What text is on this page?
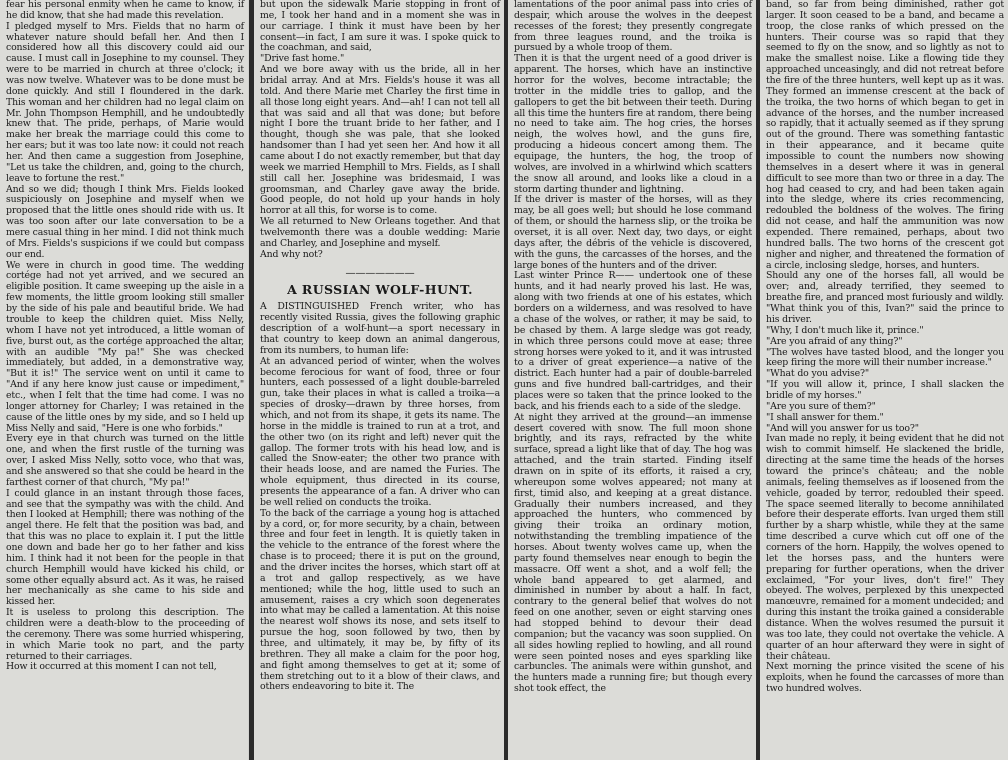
fear his personal enmity when he came to know, if he did know, that she had made this revelation.

I pledged myself to Mrs. Fields that no harm of whatever nature should befall her. And then I considered how all this discovery could aid our cause. I must call in Josephine to my counsel. They were to be married in church at three o'clock; it was now twelve. Whatever was to be done must be done quickly. And still I floundered in the dark. This woman and her children had no legal claim on Mr. John Thompson Hemphill, and he undoubtedly knew that. The pride, perhaps, of Marie would make her break the marriage could this come to her ears; but it was too late now: it could not reach her. And then came a suggestion from Josephine, "Let us take the children, and, going to the church, leave to fortune the rest."

And so we did; though I think Mrs. Fields looked suspiciously on Josephine and myself when we proposed that the little ones should ride with us. It was too soon after our late conversation to be a mere casual thing in her mind. I did not think much of Mrs. Fields's suspicions if we could but compass our end.

We were in church in good time. The wedding cortége had not yet arrived, and we secured an eligible position. It came sweeping up the aisle in a few moments, the little groom looking still smaller by the side of his pale and beautiful bride. We had trouble to keep the children quiet. Miss Nelly, whom I have not yet introduced, a little woman of five, burst out, as the cortége approached the altar, with an audible "My pa!" She was checked immediately, but added, in a demonstrative way, "But it is!" The service went on until it came to "And if any here know just cause or impediment," etc., when I felt that the time had come. I was no longer attorney for Charley; I was retained in the cause of the little ones by my side, and so I held up Miss Nelly and said, "Here is one who forbids."

Every eye in that church was turned on the little one, and when the first rustle of the turning was over, I asked Miss Nelly, sotto voce, who that was, and she answered so that she could be heard in the farthest corner of that church, "My pa!"

I could glance in an instant through those faces, and see that the sympathy was with the child. And then I looked at Hemphill; there was nothing of the angel there. He felt that the position was bad, and that this was no place to explain it. I put the little one down and bade her go to her father and kiss him. I think had it not been for the people in that church Hemphill would have kicked his child, or some other equally absurd act. As it was, he raised her mechanically as she came to his side and kissed her.

It is useless to prolong this description. The children were a death-blow to the proceeding of the ceremony. There was some hurried whispering, in which Marie took no part, and the party returned to their carriages.

How it occurred at this moment I can not tell,

but upon the sidewalk Marie stopping in front of me, I took her hand and in a moment she was in our carriage. I think it must have been by her consent—in fact, I am sure it was. I spoke quick to the coachman, and said,

"Drive fast home."

And we bore away with us the bride, all in her bridal array. And at Mrs. Fields's house it was all told. And there Marie met Charley the first time in all those long eight years. And—ah! I can not tell all that was said and all that was done; but before night I bore the truant bride to her father, and I thought, though she was pale, that she looked handsomer than I had yet seen her. And how it all came about I do not exactly remember, but that day week we married Hemphill to Mrs. Fields, as I shall still call her. Josephine was bridesmaid, I was groomsman, and Charley gave away the bride. Good people, do not hold up your hands in holy horror at all this, for worse is to come.

We all returned to New Orleans together. And that twelvemonth there was a double wedding: Marie and Charley, and Josephine and myself.

And why not?

———————
A RUSSIAN WOLF-HUNT.

A DISTINGUISHED French writer, who has recently visited Russia, gives the following graphic description of a wolf-hunt—a sport necessary in that country to keep down an animal dangerous, from its numbers, to human life:

At an advanced period of winter, when the wolves become ferocious for want of food, three or four hunters, each possessed of a light double-barreled gun, take their places in what is called a troika—a species of drosky—drawn by three horses, from which, and not from its shape, it gets its name. The horse in the middle is trained to run at a trot, and the other two (on its right and left) never quit the gallop. The former trots with his head low, and is called the Snow-eater; the other two prance with their heads loose, and are named the Furies. The whole equipment, thus directed in its course, presents the appearance of a fan. A driver who can be well relied on conducts the troika.

To the back of the carriage a young hog is attached by a cord, or, for more security, by a chain, between three and four feet in length. It is quietly taken in the vehicle to the entrance of the forest where the chase is to proceed; there it is put on the ground, and the driver incites the horses, which start off at a trot and gallop respectively, as we have mentioned; while the hog, little used to such an amusement, raises a cry which soon degenerates into what may be called a lamentation. At this noise the nearest wolf shows its nose, and sets itself to pursue the hog, soon followed by two, then by three, and ultimately, it may be, by fifty of its brethren. They all make a claim for the poor hog, and fight among themselves to get at it; some of them stretching out to it a blow of their claws, and others endeavoring to bite it. The

lamentations of the poor animal pass into cries of despair, which arouse the wolves in the deepest recesses of the forest; they presently congregate from three leagues round, and the troika is pursued by a whole troop of them.

Then it is that the urgent need of a good driver is apparent. The horses, which have an instinctive horror for the wolves, become intractable; the trotter in the middle tries to gallop, and the gallopers to get the bit between their teeth. During all this time the hunters fire at random, there being no need to take aim. The hog cries, the horses neigh, the wolves howl, and the guns fire, producing a hideous concert among them. The equipage, the hunters, the hog, the troop of wolves, are involved in a whirlwind which scatters the snow all around, and looks like a cloud in a storm darting thunder and lightning.

If the driver is master of the horses, will as they may, be all goes well; but should he lose command of them, or should the harness slip, or the troika be overset, it is all over. Next day, two days, or eight days after, the débris of the vehicle is discovered, with the guns, the carcasses of the horses, and the large bones of the hunters and of the driver.

Last winter Prince R—— undertook one of these hunts, and it had nearly proved his last. He was, along with two friends at one of his estates, which borders on a wilderness, and was resolved to have a chase of the wolves, or rather, it may be said, to be chased by them. A large sledge was got ready, in which three persons could move at ease; three strong horses were yoked to it, and it was intrusted to a driver of great experience—a native of the district. Each hunter had a pair of double-barreled guns and five hundred ball-cartridges, and their places were so taken that the prince looked to the back, and his friends each to a side of the sledge.

At night they arrived at the ground—an immense desert covered with snow. The full moon shone brightly, and its rays, refracted by the white surface, spread a light like that of day. The hog was attached, and the train started. Finding itself drawn on in spite of its efforts, it raised a cry, whereupon some wolves appeared; not many at first, timid also, and keeping at a great distance. Gradually their numbers increased, and they approached the hunters, who commenced by giving their troika an ordinary motion, notwithstanding the trembling impatience of the horses. About twenty wolves came up, when the party found themselves near enough to begin the massacre. Off went a shot, and a wolf fell; the whole band appeared to get alarmed, and diminished in number by about a half. In fact, contrary to the general belief that wolves do not feed on one another, seven or eight starving ones had stopped behind to devour their dead companion; but the vacancy was soon supplied. On all sides howling replied to howling, and all round were seen pointed noses and eyes sparkling like carbuncles. The animals were within gunshot, and the hunters made a running fire; but though every shot took effect, the

band, so far from being diminished, rather got larger. It soon ceased to be a band, and became a troop, the close ranks of which pressed on the hunters. Their course was so rapid that they seemed to fly on the snow, and so lightly as not to make the smallest noise. Like a flowing tide they approached unceasingly, and did not retreat before the fire of the three hunters, well kept up as it was. They formed an immense crescent at the back of the troika, the two horns of which began to get in advance of the horses, and the number increased so rapidly, that it actually seemed as if they sprung out of the ground. There was something fantastic in their appearance, and it became quite impossible to count the numbers now showing themselves in a desert where it was in general difficult to see more than two or three in a day. The hog had ceased to cry, and had been taken again into the sledge, where its cries recommencing, redoubled the boldness of the wolves. The firing did not cease, and half the ammunition was now expended. There remained, perhaps, about two hundred balls. The two horns of the crescent got nigher and nigher, and threatened the formation of a circle, inclosing sledge, horses, and hunters.

Should any one of the horses fall, all would be over; and, already terrified, they seemed to breathe fire, and pranced most furiously and wildly.

"What think you of this, Ivan?" said the prince to his driver.

"Why, I don't much like it, prince."

"Are you afraid of any thing?"

"The wolves have tasted blood, and the longer you keep firing the more will their number increase."

"What do you advise?"

"If you will allow it, prince, I shall slacken the bridle of my horses."

"Are you sure of them?"

"I shall answer for them."

"And will you answer for us too?"

Ivan made no reply, it being evident that he did not wish to commit himself. He slackened the bridle, directing at the same time the heads of the horses toward the prince's château; and the noble animals, feeling themselves as if loosened from the vehicle, goaded by terror, redoubled their speed. The space seemed literally to become annihilated before their desperate efforts. Ivan urged them still further by a sharp whistle, while they at the same time described a curve which cut off one of the corners of the horn. Happily, the wolves opened to let the horses pass, and the hunters were preparing for further operations, when the driver exclaimed, "For your lives, don't fire!" They obeyed. The wolves, perplexed by this unexpected manœuvre, remained for a moment undecided; and during this instant the troika gained a considerable distance. When the wolves resumed the pursuit it was too late, they could not overtake the vehicle. A quarter of an hour afterward they were in sight of their château.

Next morning the prince visited the scene of his exploits, when he found the carcasses of more than two hundred wolves.
